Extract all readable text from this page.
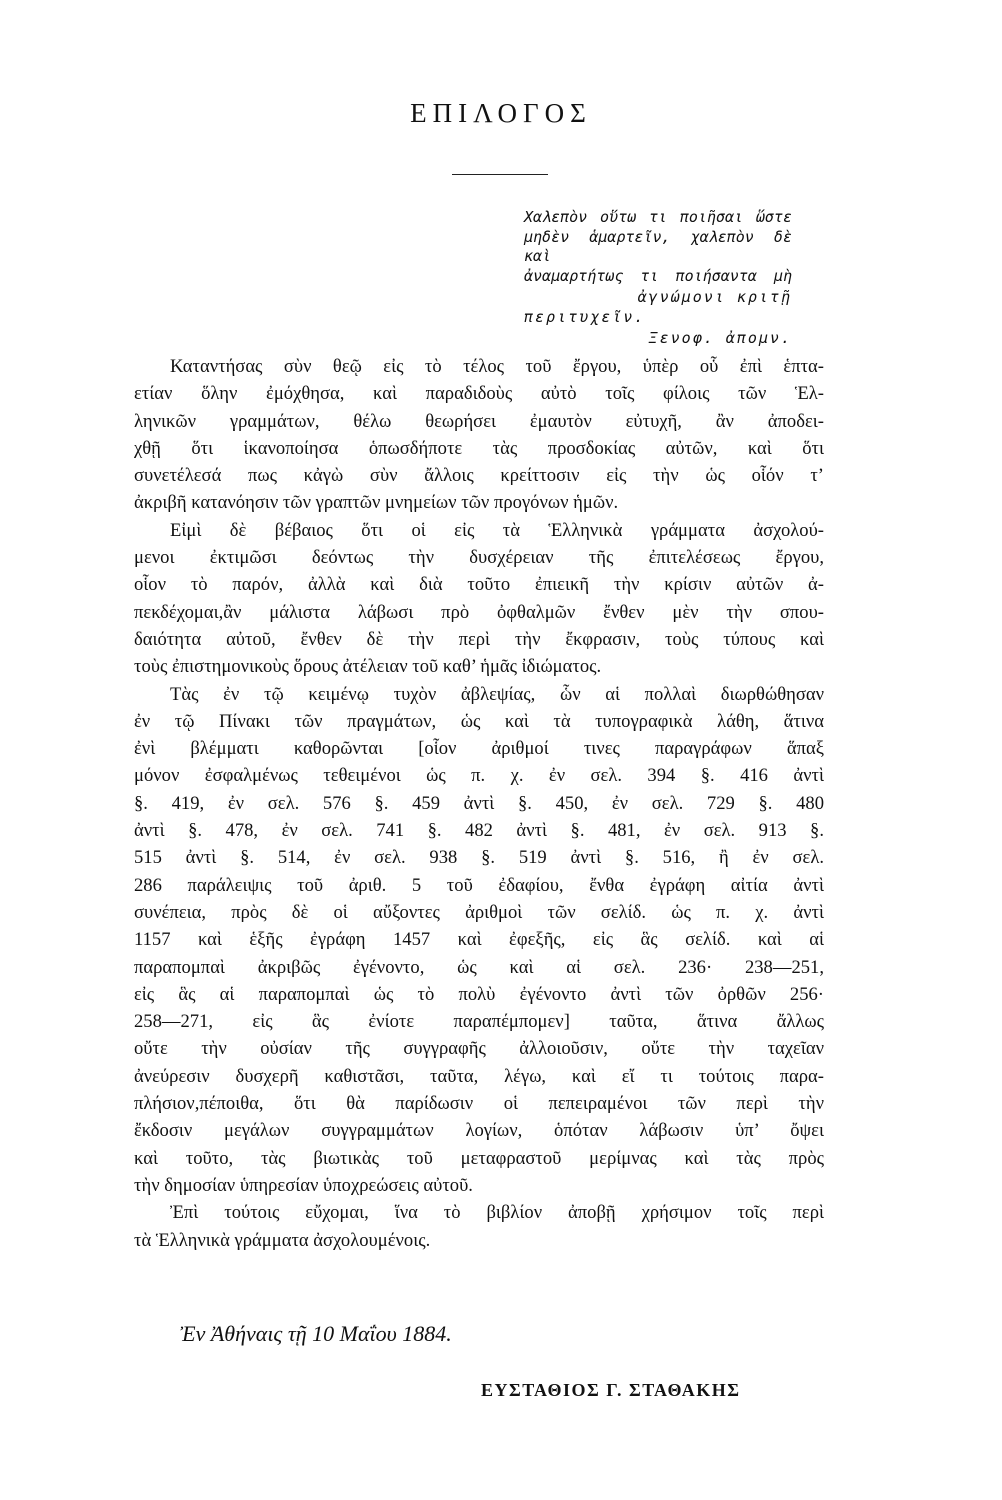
ΕΠΙΛΟΓΟΣ
Χαλεπὸν οὕτω τι ποιῆσαι ὥστε
μηδὲν ἁμαρτεῖν, χαλεπὸν δὲ καὶ
ἀναμαρτήτως τι ποιήσαντα μὴ
ἀγνώμονι κριτῇ περιτυχεῖν.
Ξενοφ. ἀπομν.
Καταντήσας σὺν θεῷ εἰς τὸ τέλος τοῦ ἔργου, ὑπὲρ οὗ ἐπὶ ἑπτα-
ετίαν ὅλην ἐμόχθησα, καὶ παραδιδοὺς αὐτὸ τοῖς φίλοις τῶν Ἑλ-
ληνικῶν γραμμάτων, θέλω θεωρήσει ἐμαυτὸν εὐτυχῆ, ἂν ἀποδει-
χθῇ ὅτι ἱκανοποίησα ὁπωσδήποτε τὰς προσδοκίας αὐτῶν, καὶ ὅτι
συνετέλεσά πως κἀγὼ σὺν ἄλλοις κρείττοσιν εἰς τὴν ὡς οἷόν τ’
ἀκριβῆ κατανόησιν τῶν γραπτῶν μνημείων τῶν προγόνων ἡμῶν.
Εἰμὶ δὲ βέβαιος ὅτι οἱ εἰς τὰ Ἑλληνικὰ γράμματα ἀσχολού-
μενοι ἐκτιμῶσι δεόντως τὴν δυσχέρειαν τῆς ἐπιτελέσεως ἔργου,
οἷον τὸ παρόν, ἀλλὰ καὶ διὰ τοῦτο ἐπιεικῆ τὴν κρίσιν αὐτῶν ἀ-
πεκδέχομαι,ἂν μάλιστα λάβωσι πρὸ ὀφθαλμῶν ἔνθεν μὲν τὴν σπου-
δαιότητα αὐτοῦ, ἔνθεν δὲ τὴν περὶ τὴν ἔκφρασιν, τοὺς τύπους καὶ
τοὺς ἐπιστημονικοὺς ὅρους ἀτέλειαν τοῦ καθ’ ἡμᾶς ἰδιώματος.
Τὰς ἐν τῷ κειμένῳ τυχὸν ἀβλεψίας, ὧν αἱ πολλαὶ διωρθώθησαν
ἐν τῷ Πίνακι τῶν πραγμάτων, ὡς καὶ τὰ τυπογραφικὰ λάθη, ἅτινα
ἐνὶ βλέμματι καθορῶνται [οἷον ἀριθμοί τινες παραγράφων ἅπαξ
μόνον ἐσφαλμένως τεθειμένοι ὡς π. χ. ἐν σελ. 394 §. 416 ἀντὶ
§. 419, ἐν σελ. 576 §. 459 ἀντὶ §. 450, ἐν σελ. 729 §. 480
ἀντὶ §. 478, ἐν σελ. 741 §. 482 ἀντὶ §. 481, ἐν σελ. 913 §.
515 ἀντὶ §. 514, ἐν σελ. 938 §. 519 ἀντὶ §. 516, ἢ ἐν σελ.
286 παράλειψις τοῦ ἀριθ. 5 τοῦ ἐδαφίου, ἔνθα ἐγράφη αἰτία ἀντὶ
συνέπεια, πρὸς δὲ οἱ αὔξοντες ἀριθμοὶ τῶν σελίδ. ὡς π. χ. ἀντὶ
1157 καὶ ἑξῆς ἐγράφη 1457 καὶ ἐφεξῆς, εἰς ἃς σελίδ. καὶ αἱ
παραπομπαὶ ἀκριβῶς ἐγένοντο, ὡς καὶ αἱ σελ. 236· 238—251,
εἰς ἃς αἱ παραπομπαὶ ὡς τὸ πολὺ ἐγένοντο ἀντὶ τῶν ὀρθῶν 256·
258—271, εἰς ἃς ἐνίοτε παραπέμπομεν] ταῦτα, ἅτινα ἄλλως
οὔτε τὴν οὐσίαν τῆς συγγραφῆς ἀλλοιοῦσιν, οὔτε τὴν ταχεῖαν
ἀνεύρεσιν δυσχερῆ καθιστᾶσι, ταῦτα, λέγω, καὶ εἴ τι τούτοις παρα-
πλήσιον,πέποιθα, ὅτι θὰ παρίδωσιν οἱ πεπειραμένοι τῶν περὶ τὴν
ἔκδοσιν μεγάλων συγγραμμάτων λογίων, ὁπόταν λάβωσιν ὑπ’ ὄψει
καὶ τοῦτο, τὰς βιωτικὰς τοῦ μεταφραστοῦ μερίμνας καὶ τὰς πρὸς
τὴν δημοσίαν ὑπηρεσίαν ὑποχρεώσεις αὐτοῦ.
Ἐπὶ τούτοις εὔχομαι, ἵνα τὸ βιβλίον ἀποβῇ χρήσιμον τοῖς περὶ
τὰ Ἑλληνικὰ γράμματα ἀσχολουμένοις.
Ἐν Ἀθήναις τῇ 10 Μαΐου 1884.
ΕΥΣΤΑΘΙΟΣ Γ. ΣΤΑΘΑΚΗΣ
